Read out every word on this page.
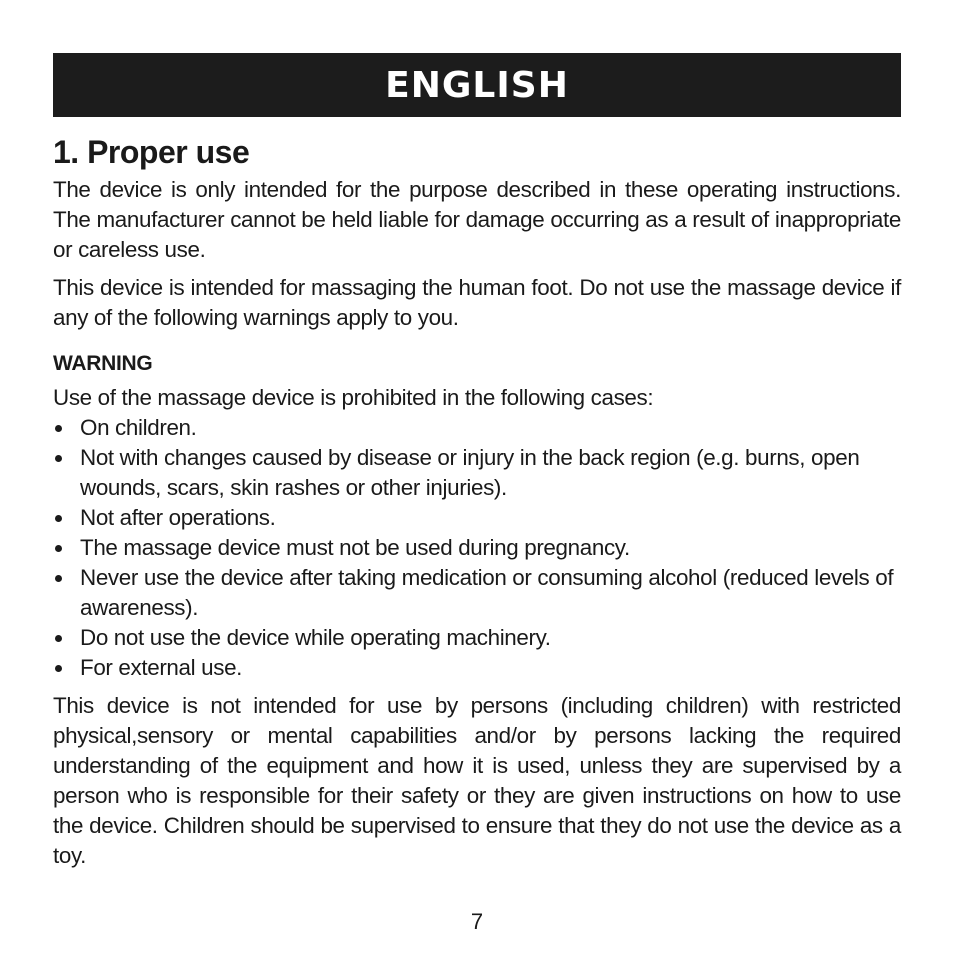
ENGLISH
1. Proper use

The device is only intended for the purpose described in these operating instructions. The manufacturer cannot be held liable for damage occurring as a result of inappropriate or careless use.

This device is intended for massaging the human foot. Do not use the massage device if any of the following warnings apply to you.

WARNING

Use of the massage device is prohibited in the following cases:

On children.
Not with changes caused by disease or injury in the back region (e.g. burns, open wounds, scars, skin rashes or other injuries).
Not after operations.
The massage device must not be used during pregnancy.
Never use the device after taking medication or consuming alcohol (reduced levels of awareness).
Do not use the device while operating machinery.
For external use.

This device is not intended for use by persons (including children) with restricted physical,sensory or mental capabilities and/or by persons lacking the required understanding of the equipment and how it is used, unless they are supervised by a person who is responsible for their safety or they are given instructions on how to use the device. Children should be supervised to ensure that they do not use the device as a toy.

7
